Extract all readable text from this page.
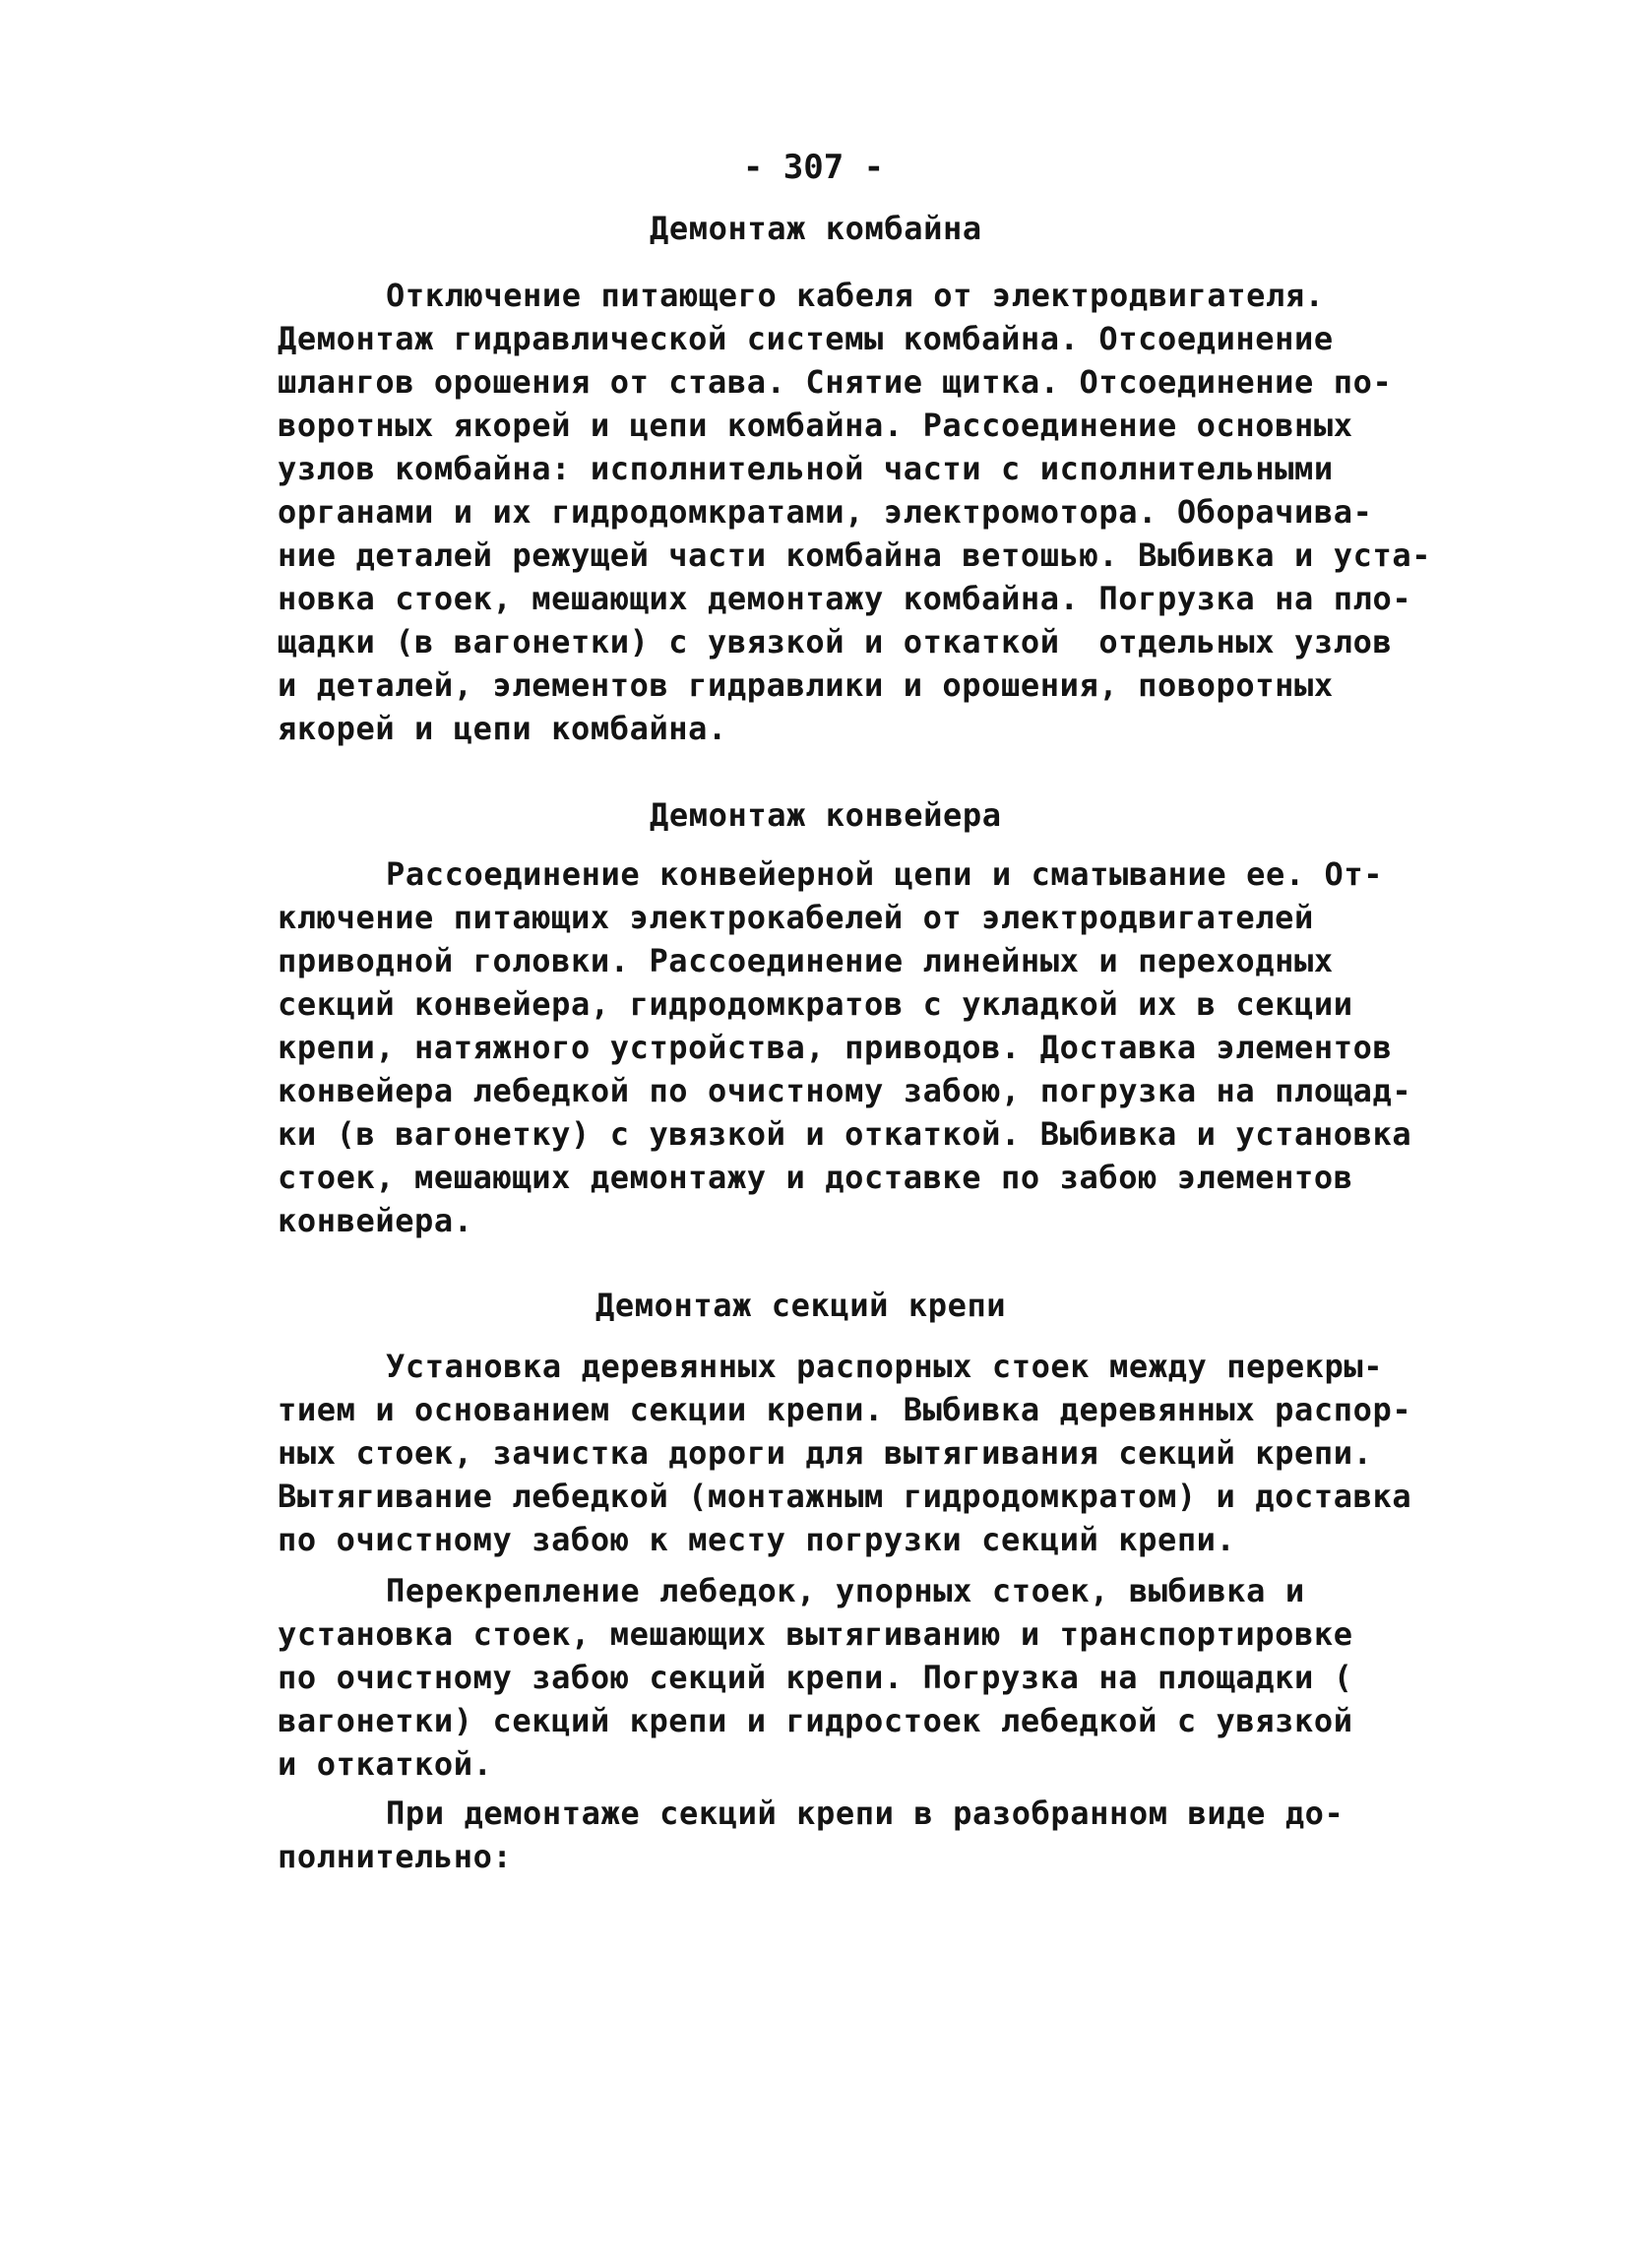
- 307 -
Демонтаж комбайна
Отключение питающего кабеля от электродвигателя.
Демонтаж гидравлической системы комбайна. Отсоединение
шлангов орошения от става. Снятие щитка. Отсоединение по-
воротных якорей и цепи комбайна. Рассоединение основных
узлов комбайна: исполнительной части с исполнительными
органами и их гидродомкратами, электромотора. Оборачива-
ние деталей режущей части комбайна ветошью. Выбивка и уста-
новка стоек, мешающих демонтажу комбайна. Погрузка на пло-
щадки (в вагонетки) с увязкой и откаткой  отдельных узлов
и деталей, элементов гидравлики и орошения, поворотных
якорей и цепи комбайна.
Демонтаж конвейера
Рассоединение конвейерной цепи и сматывание ее. От-
ключение питающих электрокабелей от электродвигателей
приводной головки. Рассоединение линейных и переходных
секций конвейера, гидродомкратов с укладкой их в секции
крепи, натяжного устройства, приводов. Доставка элементов
конвейера лебедкой по очистному забою, погрузка на площад-
ки (в вагонетку) с увязкой и откаткой. Выбивка и установка
стоек, мешающих демонтажу и доставке по забою элементов
конвейера.
Демонтаж секций крепи
Установка деревянных распорных стоек между перекры-
тием и основанием секции крепи. Выбивка деревянных распор-
ных стоек, зачистка дороги для вытягивания секций крепи.
Вытягивание лебедкой (монтажным гидродомкратом) и доставка
по очистному забою к месту погрузки секций крепи.
Перекрепление лебедок, упорных стоек, выбивка и
установка стоек, мешающих вытягиванию и транспортировке
по очистному забою секций крепи. Погрузка на площадки (
вагонетки) секций крепи и гидростоек лебедкой с увязкой
и откаткой.
При демонтаже секций крепи в разобранном виде до-
полнительно:
